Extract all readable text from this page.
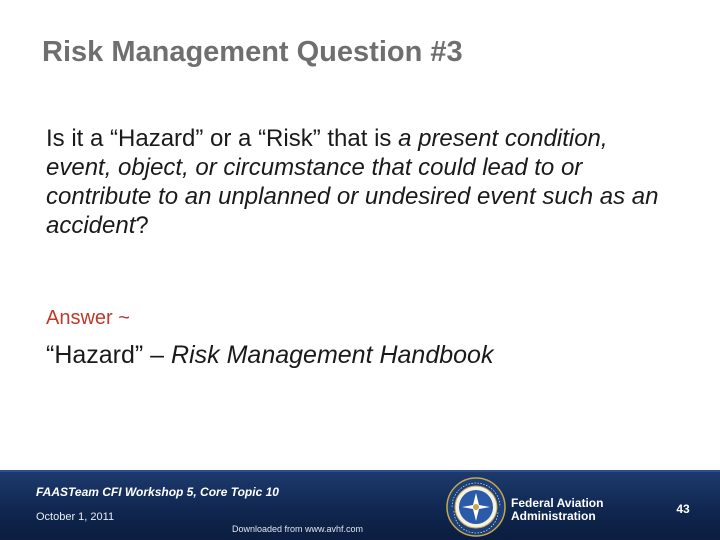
Risk Management Question #3
Is it a “Hazard” or a “Risk” that is a present condition, event, object, or circumstance that could lead to or contribute to an unplanned or undesired event such as an accident?
Answer ~
“Hazard” – Risk Management Handbook
FAASTeam CFI Workshop 5, Core Topic 10
October 1, 2011
Downloaded from www.avhf.com
Federal Aviation
Administration	43
